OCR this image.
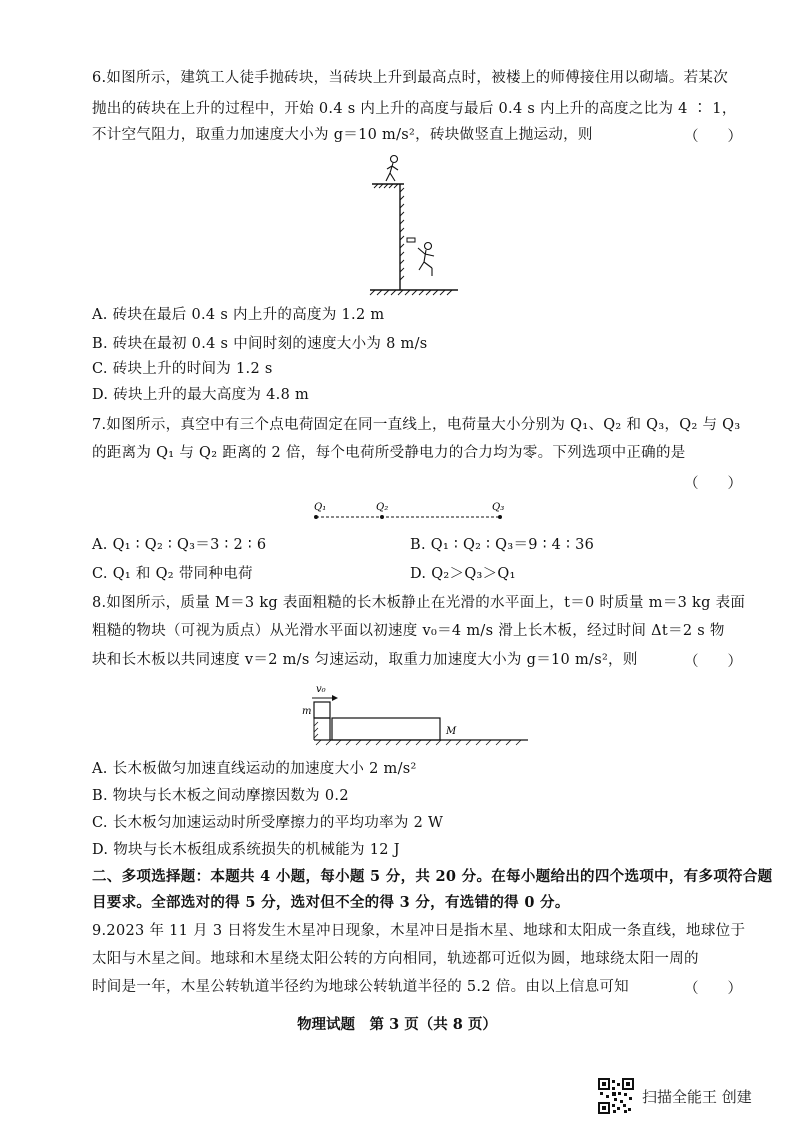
6.如图所示，建筑工人徒手抛砖块，当砖块上升到最高点时，被楼上的师傅接住用以砌墙。若某次
抛出的砖块在上升的过程中，开始 0.4 s 内上升的高度与最后 0.4 s 内上升的高度之比为 4 ∶ 1，
不计空气阻力，取重力加速度大小为 g＝10 m/s²，砖块做竖直上抛运动，则	（　　）
A. 砖块在最后 0.4 s 内上升的高度为 1.2 m
B. 砖块在最初 0.4 s 中间时刻的速度大小为 8 m/s
C. 砖块上升的时间为 1.2 s
D. 砖块上升的最大高度为 4.8 m
7.如图所示，真空中有三个点电荷固定在同一直线上，电荷量大小分别为 Q₁、Q₂ 和 Q₃，Q₂ 与 Q₃
的距离为 Q₁ 与 Q₂ 距离的 2 倍，每个电荷所受静电力的合力均为零。下列选项中正确的是
（　　）
Q₁	Q₂	Q₃
A. Q₁ ∶ Q₂ ∶ Q₃＝3 ∶ 2 ∶ 6	B. Q₁ ∶ Q₂ ∶ Q₃＝9 ∶ 4 ∶ 36
C. Q₁ 和 Q₂ 带同种电荷	D. Q₂＞Q₃＞Q₁
8.如图所示，质量 M＝3 kg 表面粗糙的长木板静止在光滑的水平面上，t＝0 时质量 m＝3 kg 表面
粗糙的物块（可视为质点）从光滑水平面以初速度 v₀＝4 m/s 滑上长木板，经过时间 Δt＝2 s 物
块和长木板以共同速度 v＝2 m/s 匀速运动，取重力加速度大小为 g＝10 m/s²，则	（　　）
v₀
m
M
A. 长木板做匀加速直线运动的加速度大小 2 m/s²
B. 物块与长木板之间动摩擦因数为 0.2
C. 长木板匀加速运动时所受摩擦力的平均功率为 2 W
D. 物块与长木板组成系统损失的机械能为 12 J
二、多项选择题：本题共 4 小题，每小题 5 分，共 20 分。在每小题给出的四个选项中，有多项符合题
目要求。全部选对的得 5 分，选对但不全的得 3 分，有选错的得 0 分。
9.2023 年 11 月 3 日将发生木星冲日现象，木星冲日是指木星、地球和太阳成一条直线，地球位于
太阳与木星之间。地球和木星绕太阳公转的方向相同，轨迹都可近似为圆，地球绕太阳一周的
时间是一年，木星公转轨道半径约为地球公转轨道半径的 5.2 倍。由以上信息可知	（　　）
物理试题　第 3 页（共 8 页）
扫描全能王 创建
